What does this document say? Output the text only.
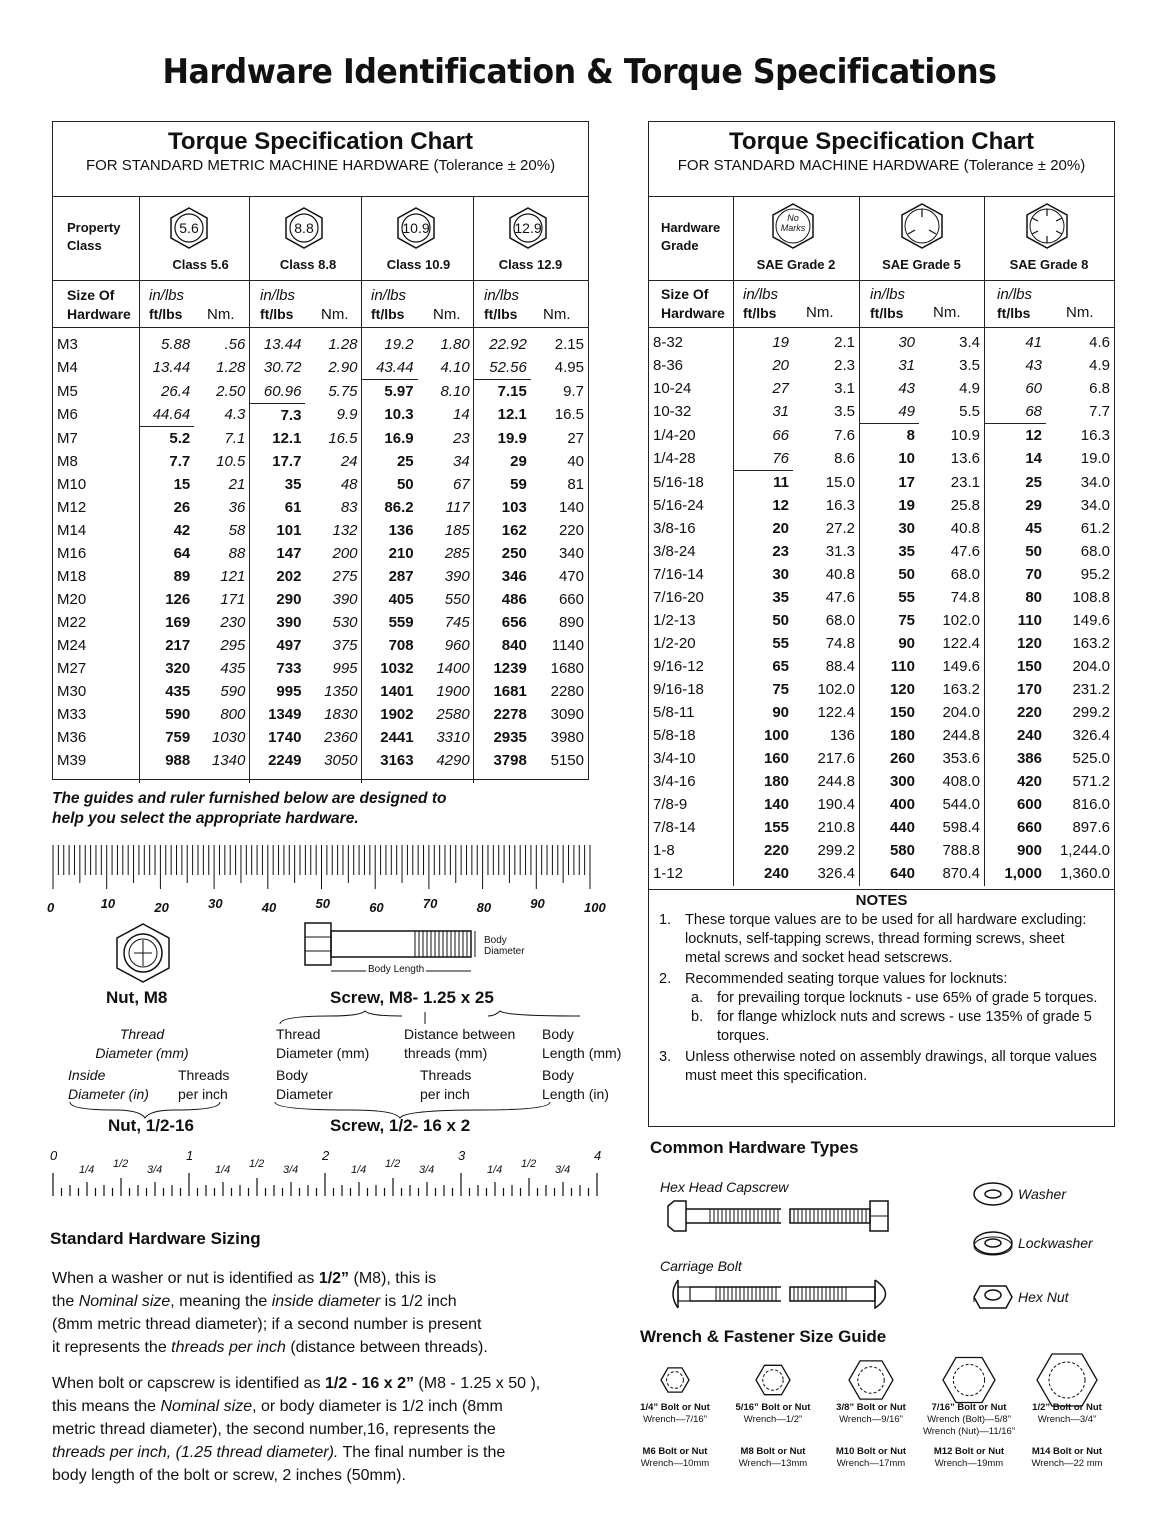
Hardware Identification & Torque Specifications
Torque Specification Chart
FOR STANDARD METRIC MACHINE HARDWARE (Tolerance ± 20%)
Property
Class
5.6
Class 5.6
8.8
Class 8.8
10.9
Class 10.9
12.9
Class 12.9
Size Of
Hardware
in/lbs
ft/lbs Nm.
in/lbs
ft/lbs Nm.
in/lbs
ft/lbs Nm.
in/lbs
ft/lbs Nm.
M3	5.88	.56	13.44	1.28	19.2	1.80	22.92	2.15
M4	13.44	1.28	30.72	2.90	43.44	4.10	52.56	4.95
M5	26.4	2.50	60.96	5.75	5.97	8.10	7.15	9.7
M6	44.64	4.3	7.3	9.9	10.3	14	12.1	16.5
M7	5.2	7.1	12.1	16.5	16.9	23	19.9	27
M8	7.7	10.5	17.7	24	25	34	29	40
M10	15	21	35	48	50	67	59	81
M12	26	36	61	83	86.2	117	103	140
M14	42	58	101	132	136	185	162	220
M16	64	88	147	200	210	285	250	340
M18	89	121	202	275	287	390	346	470
M20	126	171	290	390	405	550	486	660
M22	169	230	390	530	559	745	656	890
M24	217	295	497	375	708	960	840	1140
M27	320	435	733	995	1032	1400	1239	1680
M30	435	590	995	1350	1401	1900	1681	2280
M33	590	800	1349	1830	1902	2580	2278	3090
M36	759	1030	1740	2360	2441	3310	2935	3980
M39	988	1340	2249	3050	3163	4290	3798	5150
Torque Specification Chart
FOR STANDARD MACHINE HARDWARE (Tolerance ± 20%)
Hardware
Grade
No
Marks
SAE Grade 2	SAE Grade 5	SAE Grade 8
Size Of
Hardware
in/lbs
ft/lbs Nm.
in/lbs
ft/lbs Nm.
in/lbs
ft/lbs Nm.
8-32	19	2.1	30	3.4	41	4.6
8-36	20	2.3	31	3.5	43	4.9
10-24	27	3.1	43	4.9	60	6.8
10-32	31	3.5	49	5.5	68	7.7
1/4-20	66	7.6	8	10.9	12	16.3
1/4-28	76	8.6	10	13.6	14	19.0
5/16-18	11	15.0	17	23.1	25	34.0
5/16-24	12	16.3	19	25.8	29	34.0
3/8-16	20	27.2	30	40.8	45	61.2
3/8-24	23	31.3	35	47.6	50	68.0
7/16-14	30	40.8	50	68.0	70	95.2
7/16-20	35	47.6	55	74.8	80	108.8
1/2-13	50	68.0	75	102.0	110	149.6
1/2-20	55	74.8	90	122.4	120	163.2
9/16-12	65	88.4	110	149.6	150	204.0
9/16-18	75	102.0	120	163.2	170	231.2
5/8-11	90	122.4	150	204.0	220	299.2
5/8-18	100	136	180	244.8	240	326.4
3/4-10	160	217.6	260	353.6	386	525.0
3/4-16	180	244.8	300	408.0	420	571.2
7/8-9	140	190.4	400	544.0	600	816.0
7/8-14	155	210.8	440	598.4	660	897.6
1-8	220	299.2	580	788.8	900	1,244.0
1-12	240	326.4	640	870.4	1,000	1,360.0
NOTES
1. These torque values are to be used for all hardware excluding: locknuts, self-tapping screws, thread forming screws, sheet metal screws and socket head setscrews.
2. Recommended seating torque values for locknuts:
a. for prevailing torque locknuts - use 65% of grade 5 torques.
b. for flange whizlock nuts and screws - use 135% of grade 5 torques.
3. Unless otherwise noted on assembly drawings, all torque values must meet this specification.
The guides and ruler furnished below are designed to
help you select the appropriate hardware.
0	10	20	30	40	50	60	70	80	90	100
Body
Diameter
Body Length
Nut, M8	Screw, M8- 1.25 x 25
Thread
Diameter (mm)
Thread
Diameter (mm)
Distance between
threads (mm)
Body
Length (mm)
Inside
Diameter (in)
Threads
per inch
Body
Diameter
Threads
per inch
Body
Length (in)
Nut, 1/2-16	Screw, 1/2- 16 x 2
0
1/4 1/2 3/4
1
1/4 1/2 3/4
2
1/4 1/2 3/4
3
1/4 1/2 3/4
4
Standard Hardware Sizing
When a washer or nut is identified as 1/2” (M8), this is
the Nominal size, meaning the inside diameter is 1/2 inch
(8mm metric thread diameter); if a second number is present
it represents the threads per inch (distance between threads).
When bolt or capscrew is identified as 1/2 - 16 x 2” (M8 - 1.25 x 50 ),
this means the Nominal size, or body diameter is 1/2 inch (8mm
metric thread diameter), the second number,16, represents the
threads per inch, (1.25 thread diameter). The final number is the
body length of the bolt or screw, 2 inches (50mm).
Common Hardware Types
Hex Head Capscrew
Carriage Bolt
Washer
Lockwasher
Hex Nut
Wrench & Fastener Size Guide
1/4” Bolt or Nut
Wrench—7/16”
M6 Bolt or Nut
Wrench—10mm
5/16” Bolt or Nut
Wrench—1/2”
M8 Bolt or Nut
Wrench—13mm
3/8” Bolt or Nut
Wrench—9/16”
M10 Bolt or Nut
Wrench—17mm
7/16” Bolt or Nut
Wrench (Bolt)—5/8”
Wrench (Nut)—11/16”
M12 Bolt or Nut
Wrench—19mm
1/2” Bolt or Nut
Wrench—3/4”
M14 Bolt or Nut
Wrench—22 mm
